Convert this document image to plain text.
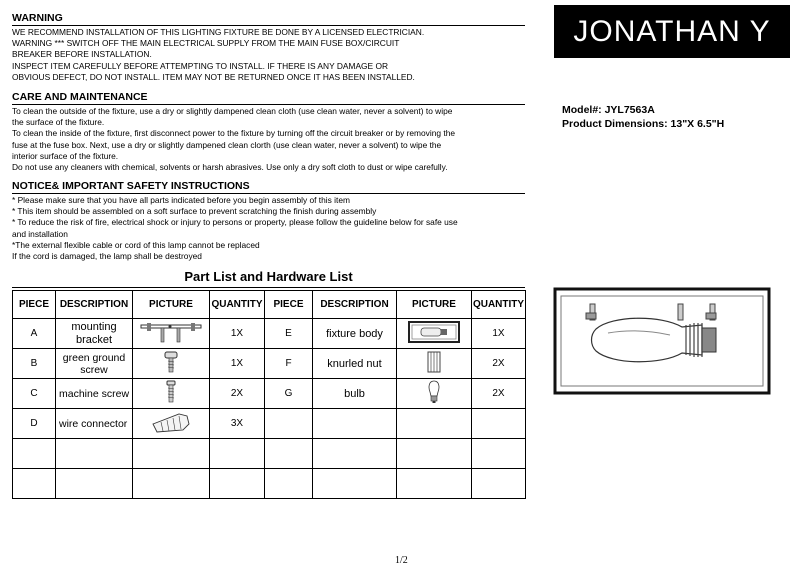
WARNING
WE RECOMMEND INSTALLATION OF THIS LIGHTING FIXTURE BE DONE BY A LICENSED ELECTRICIAN.
WARNING *** SWITCH OFF THE MAIN ELECTRICAL SUPPLY FROM THE MAIN FUSE BOX/CIRCUIT
BREAKER BEFORE INSTALLATION.
INSPECT ITEM CAREFULLY BEFORE ATTEMPTING TO INSTALL. IF THERE IS ANY DAMAGE OR
OBVIOUS DEFECT, DO NOT INSTALL. ITEM MAY NOT BE RETURNED ONCE IT HAS BEEN INSTALLED.
CARE AND MAINTENANCE
To clean the outside of the fixture, use a dry or slightly dampened clean cloth (use clean water, never a solvent) to wipe
the surface of the fixture.
To clean the inside of the fixture, first disconnect power to the fixture by turning off the circuit breaker or by removing the
fuse at the fuse box. Next, use a dry or slightly dampened clean clorth (use clean water, never a solvent) to wipe the
interior surface of the fixture.
Do not use any cleaners with chemical, solvents or harsh abrasives. Use only a dry soft cloth to dust or wipe carefully.
NOTICE& IMPORTANT SAFETY INSTRUCTIONS
* Please make sure that you have all parts indicated before you begin assembly of this item
* This item should be assembled on a soft surface to prevent scratching the finish during assembly
* To reduce the risk of fire, electrical shock or injury to persons or property, please follow the guideline below for safe use
and installation
*The external flexible cable or cord of this lamp cannot be replaced
If the cord is damaged, the lamp shall be destroyed
JONATHAN Y
Model#: JYL7563A
Product Dimensions: 13"X 6.5"H
Part List and Hardware List
PIECE	DESCRIPTION	PICTURE	QUANTITY	PIECE	DESCRIPTION	PICTURE	QUANTITY
A	mounting bracket		1X	E	fixture body		1X
B	green ground screw		1X	F	knurled nut		2X
C	machine screw		2X	G	bulb		2X
D	wire connector		3X				

1/2
